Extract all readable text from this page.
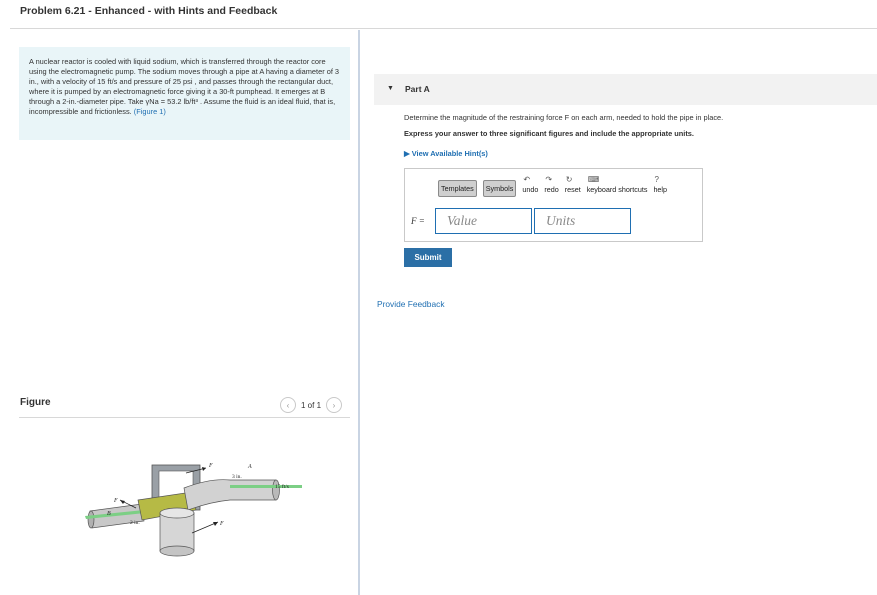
Problem 6.21 - Enhanced - with Hints and Feedback
A nuclear reactor is cooled with liquid sodium, which is transferred through the reactor core using the electromagnetic pump. The sodium moves through a pipe at A having a diameter of 3 in., with a velocity of 15 ft/s and pressure of 25 psi , and passes through the rectangular duct, where it is pumped by an electromagnetic force giving it a 30-ft pumphead. It emerges at B through a 2-in.-diameter pipe. Take γNa = 53.2 lb/ft³ . Assume the fluid is an ideal fluid, that is, incompressible and frictionless. (Figure 1)
Figure	‹	1 of 1	›
A
B
F
F
F
3 in.
2 in.
15 ft/s
▼ Part A
Determine the magnitude of the restraining force F on each arm, needed to hold the pipe in place.
Express your answer to three significant figures and include the appropriate units.
▶ View Available Hint(s)
Templates	Symbols
↶
undo
↷
redo
↻
reset
⌨
keyboard shortcuts
?
help
F =	Value	Units
Submit
Provide Feedback
